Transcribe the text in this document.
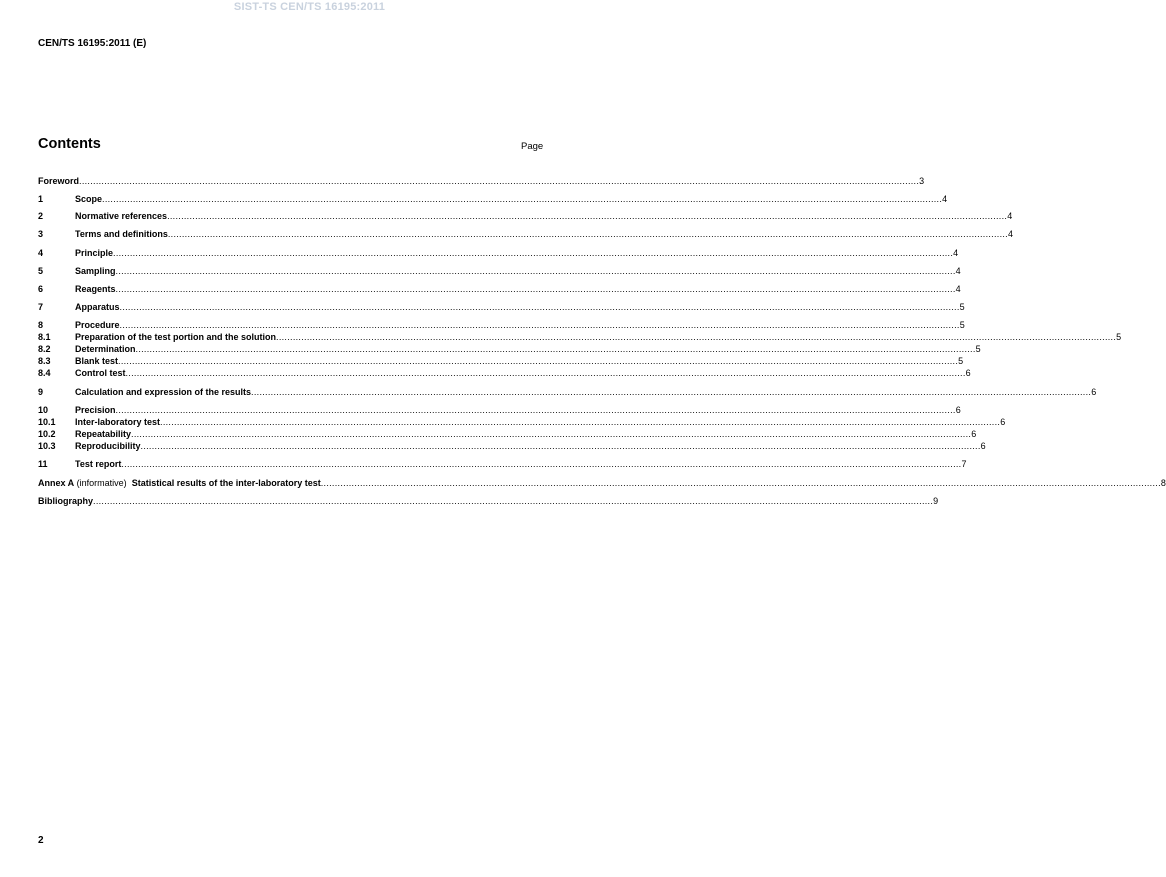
SIST-TS CEN/TS 16195:2011
CEN/TS 16195:2011 (E)
Contents	Page
Foreword ............................................................................................................................................................................................................................................................................................................ 3
1	Scope ............................................................................................................................................................................................................................................................................................................ 4
2	Normative references ............................................................................................................................................................................................................................................................................................................ 4
3	Terms and definitions ............................................................................................................................................................................................................................................................................................................ 4
4	Principle ............................................................................................................................................................................................................................................................................................................ 4
5	Sampling ............................................................................................................................................................................................................................................................................................................ 4
6	Reagents ............................................................................................................................................................................................................................................................................................................ 4
7	Apparatus ............................................................................................................................................................................................................................................................................................................ 5
8	Procedure ............................................................................................................................................................................................................................................................................................................ 5
8.1	Preparation of the test portion and the solution ............................................................................................................................................................................................................................................................................................................ 5
8.2	Determination ............................................................................................................................................................................................................................................................................................................ 5
8.3	Blank test ............................................................................................................................................................................................................................................................................................................ 5
8.4	Control test ............................................................................................................................................................................................................................................................................................................ 6
9	Calculation and expression of the results ............................................................................................................................................................................................................................................................................................................ 6
10	Precision ............................................................................................................................................................................................................................................................................................................ 6
10.1	Inter-laboratory test ............................................................................................................................................................................................................................................................................................................ 6
10.2	Repeatability ............................................................................................................................................................................................................................................................................................................ 6
10.3	Reproducibility ............................................................................................................................................................................................................................................................................................................ 6
11	Test report ............................................................................................................................................................................................................................................................................................................ 7
Annex A (informative)  Statistical results of the inter-laboratory test ............................................................................................................................................................................................................................................................................................................ 8
Bibliography ............................................................................................................................................................................................................................................................................................................ 9
2
